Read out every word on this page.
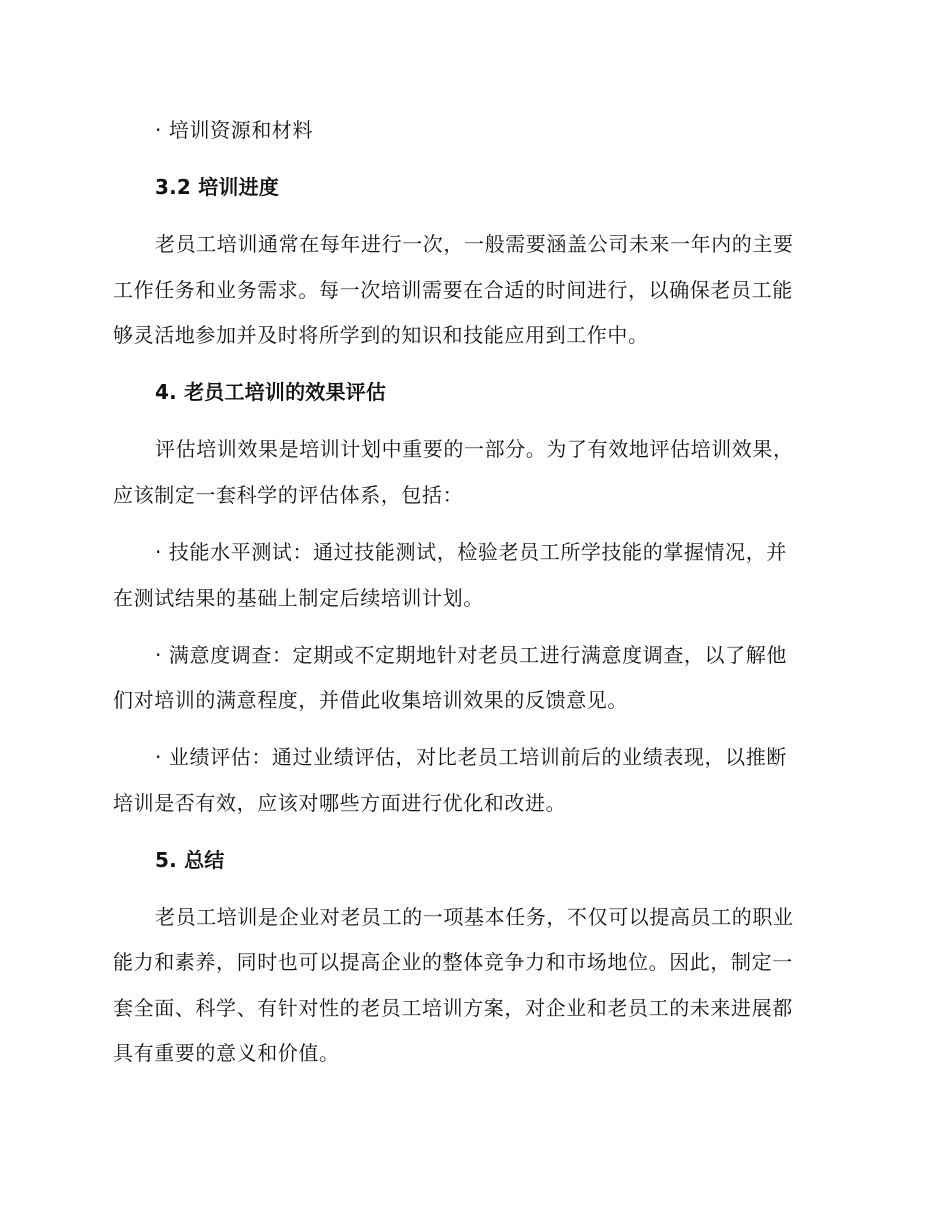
· 培训资源和材料
3.2 培训进度
老员工培训通常在每年进行一次，一般需要涵盖公司未来一年内的主要
工作任务和业务需求。每一次培训需要在合适的时间进行，以确保老员工能
够灵活地参加并及时将所学到的知识和技能应用到工作中。
4. 老员工培训的效果评估
评估培训效果是培训计划中重要的一部分。为了有效地评估培训效果，
应该制定一套科学的评估体系，包括：
· 技能水平测试：通过技能测试，检验老员工所学技能的掌握情况，并
在测试结果的基础上制定后续培训计划。
· 满意度调查：定期或不定期地针对老员工进行满意度调查，以了解他
们对培训的满意程度，并借此收集培训效果的反馈意见。
· 业绩评估：通过业绩评估，对比老员工培训前后的业绩表现，以推断
培训是否有效，应该对哪些方面进行优化和改进。
5. 总结
老员工培训是企业对老员工的一项基本任务，不仅可以提高员工的职业
能力和素养，同时也可以提高企业的整体竞争力和市场地位。因此，制定一
套全面、科学、有针对性的老员工培训方案，对企业和老员工的未来进展都
具有重要的意义和价值。
